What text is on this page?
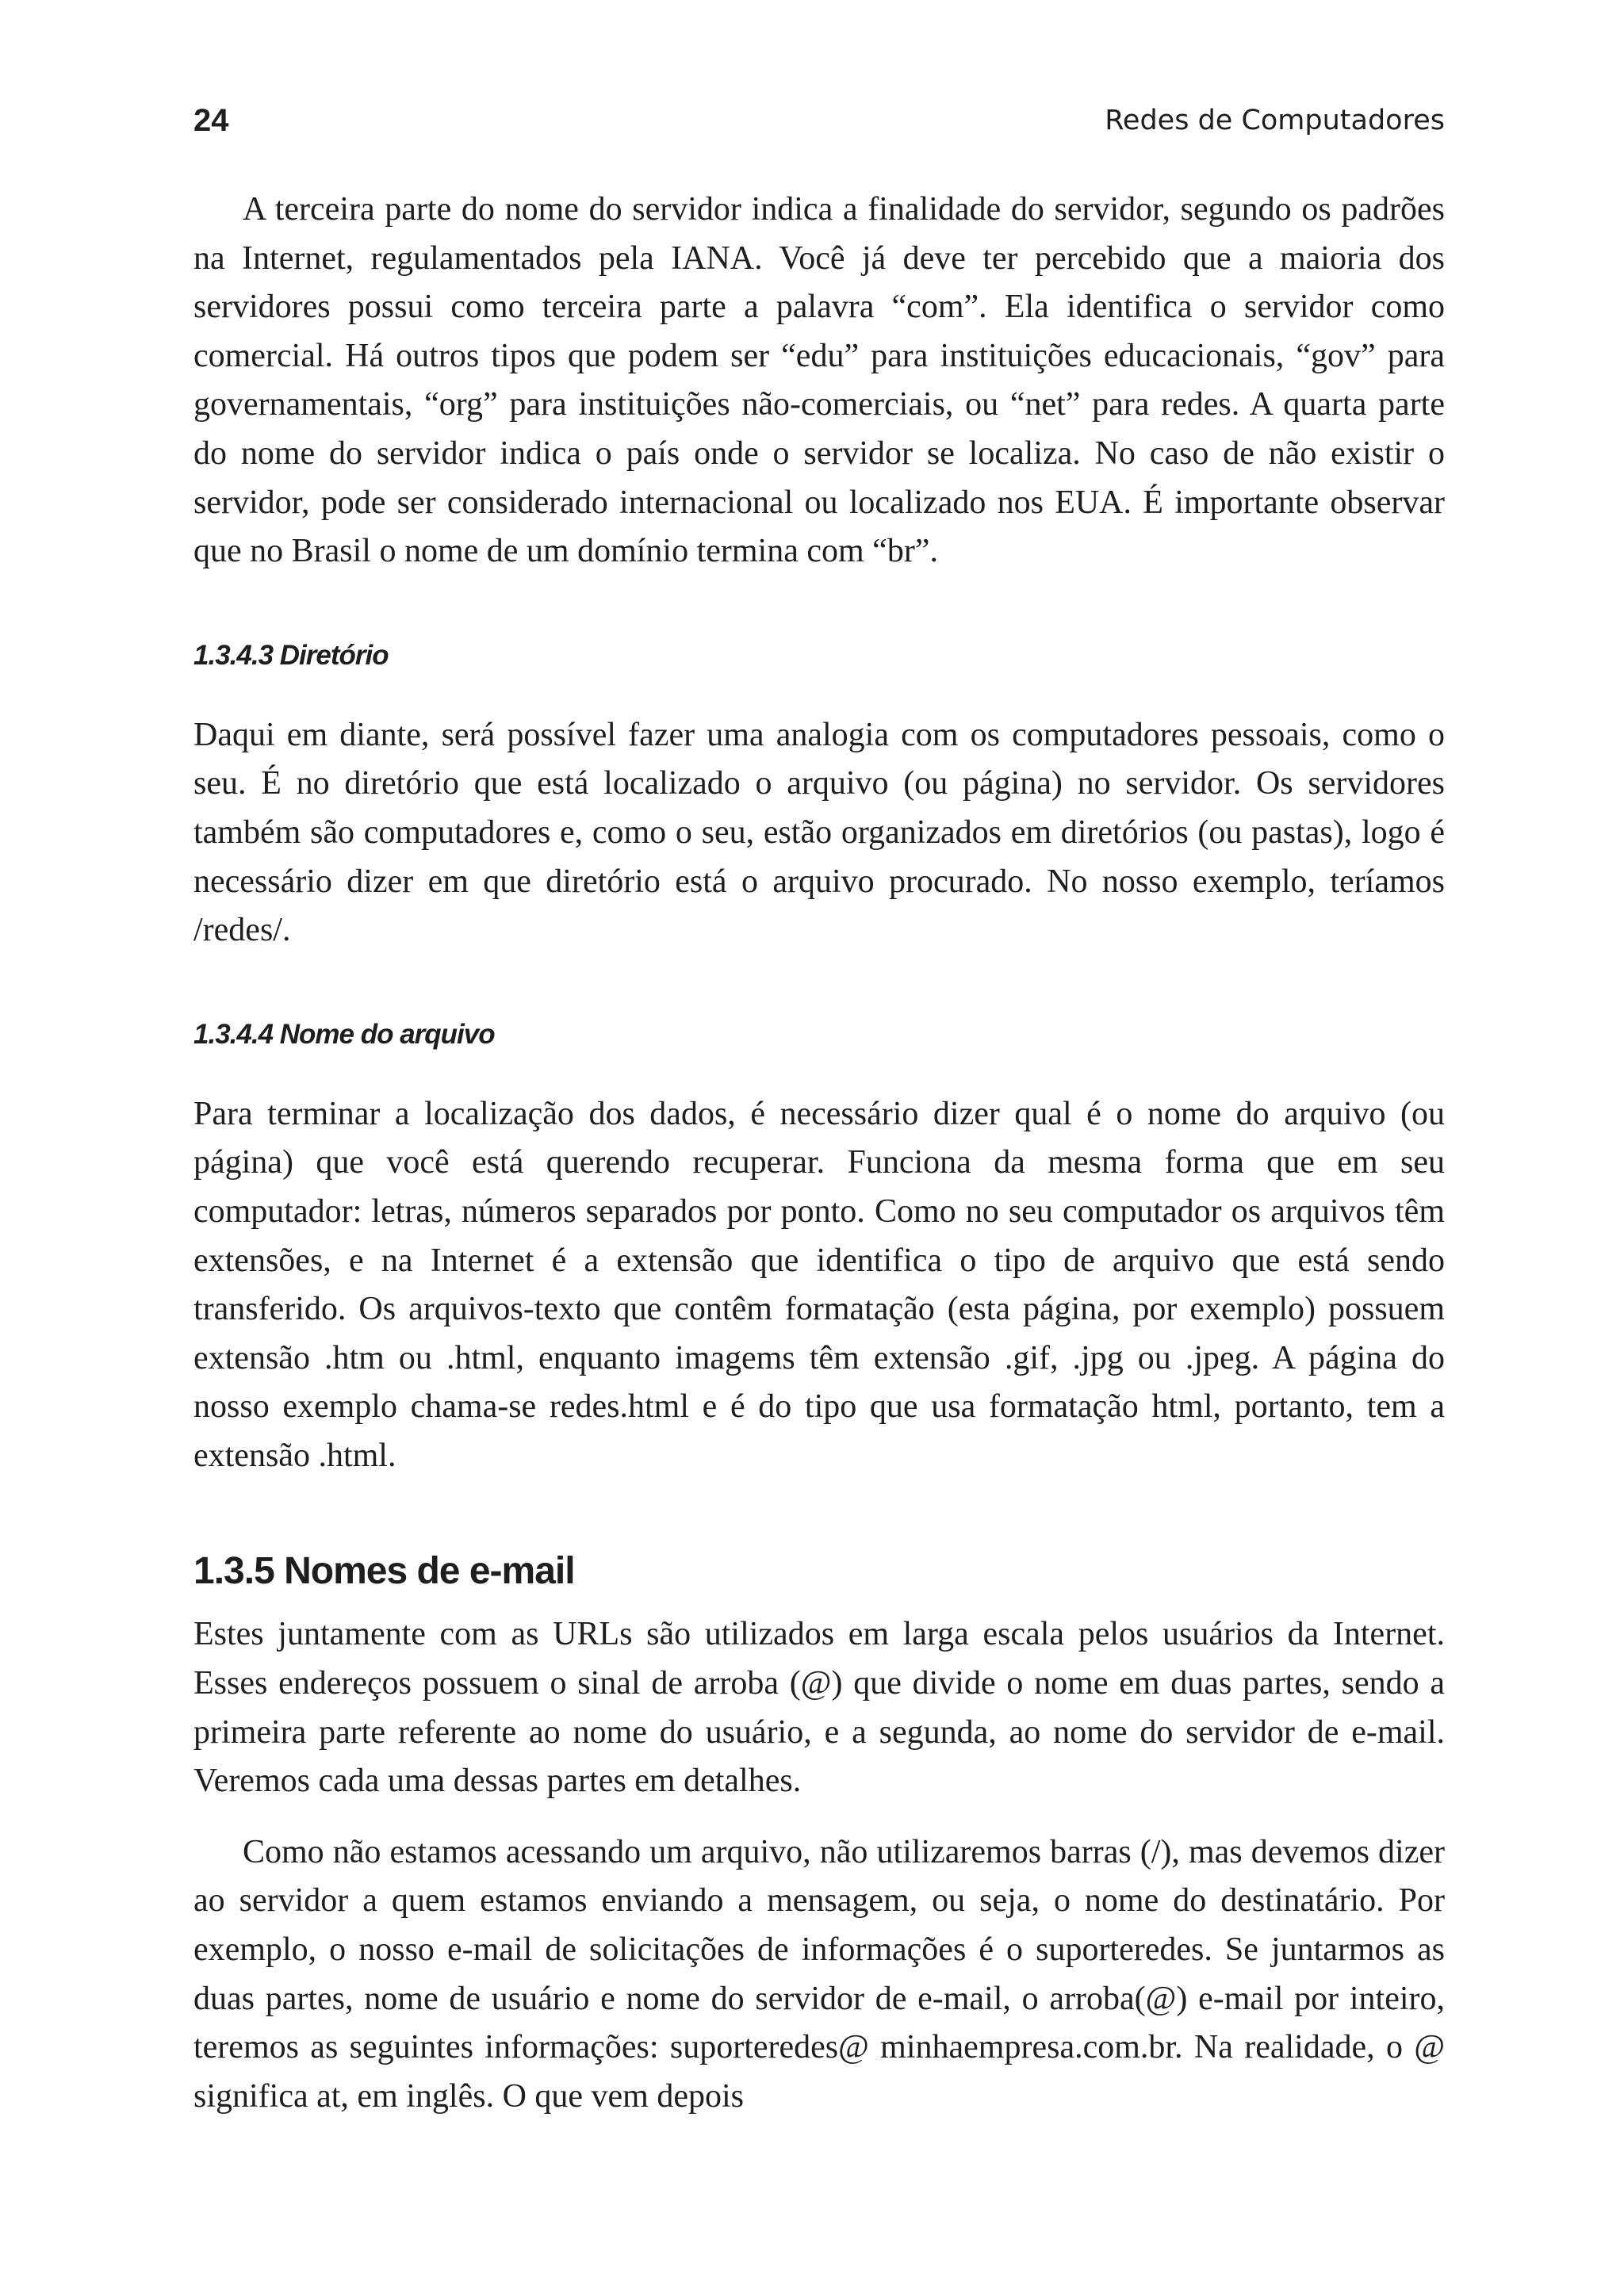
24	Redes de Computadores

A terceira parte do nome do servidor indica a finalidade do servidor, segundo os padrões na Internet, regulamentados pela IANA. Você já deve ter percebido que a maioria dos servidores possui como terceira parte a palavra “com”. Ela identifica o servidor como comercial. Há outros tipos que podem ser “edu” para instituições educacionais, “gov” para governamentais, “org” para instituições não-comerciais, ou “net” para redes. A quarta parte do nome do servidor indica o país onde o servidor se localiza. No caso de não existir o servidor, pode ser considerado internacional ou localizado nos EUA. É importante observar que no Brasil o nome de um domínio termina com “br”.

1.3.4.3 Diretório

Daqui em diante, será possível fazer uma analogia com os computadores pessoais, como o seu. É no diretório que está localizado o arquivo (ou página) no servidor. Os servidores também são computadores e, como o seu, estão organizados em diretórios (ou pastas), logo é necessário dizer em que diretório está o arquivo procurado. No nosso exemplo, teríamos /redes/.

1.3.4.4 Nome do arquivo

Para terminar a localização dos dados, é necessário dizer qual é o nome do arquivo (ou página) que você está querendo recuperar. Funciona da mesma forma que em seu computador: letras, números separados por ponto. Como no seu computador os arquivos têm extensões, e na Internet é a extensão que identifica o tipo de arquivo que está sendo transferido. Os arquivos-texto que contêm formatação (esta página, por exemplo) possuem extensão .htm ou .html, enquanto imagems têm extensão .gif, .jpg ou .jpeg. A página do nosso exemplo chama-se redes.html e é do tipo que usa formatação html, portanto, tem a extensão .html.

1.3.5 Nomes de e-mail

Estes juntamente com as URLs são utilizados em larga escala pelos usuários da Internet. Esses endereços possuem o sinal de arroba (@) que divide o nome em duas partes, sendo a primeira parte referente ao nome do usuário, e a segunda, ao nome do servidor de e-mail. Veremos cada uma dessas partes em detalhes.

Como não estamos acessando um arquivo, não utilizaremos barras (/), mas devemos dizer ao servidor a quem estamos enviando a mensagem, ou seja, o nome do destinatário. Por exemplo, o nosso e-mail de solicitações de informações é o suporteredes. Se juntarmos as duas partes, nome de usuário e nome do servidor de e-mail, o arroba(@) e-mail por inteiro, teremos as seguintes informações: suporteredes@ minhaempresa.com.br. Na realidade, o @ significa at, em inglês. O que vem depois
